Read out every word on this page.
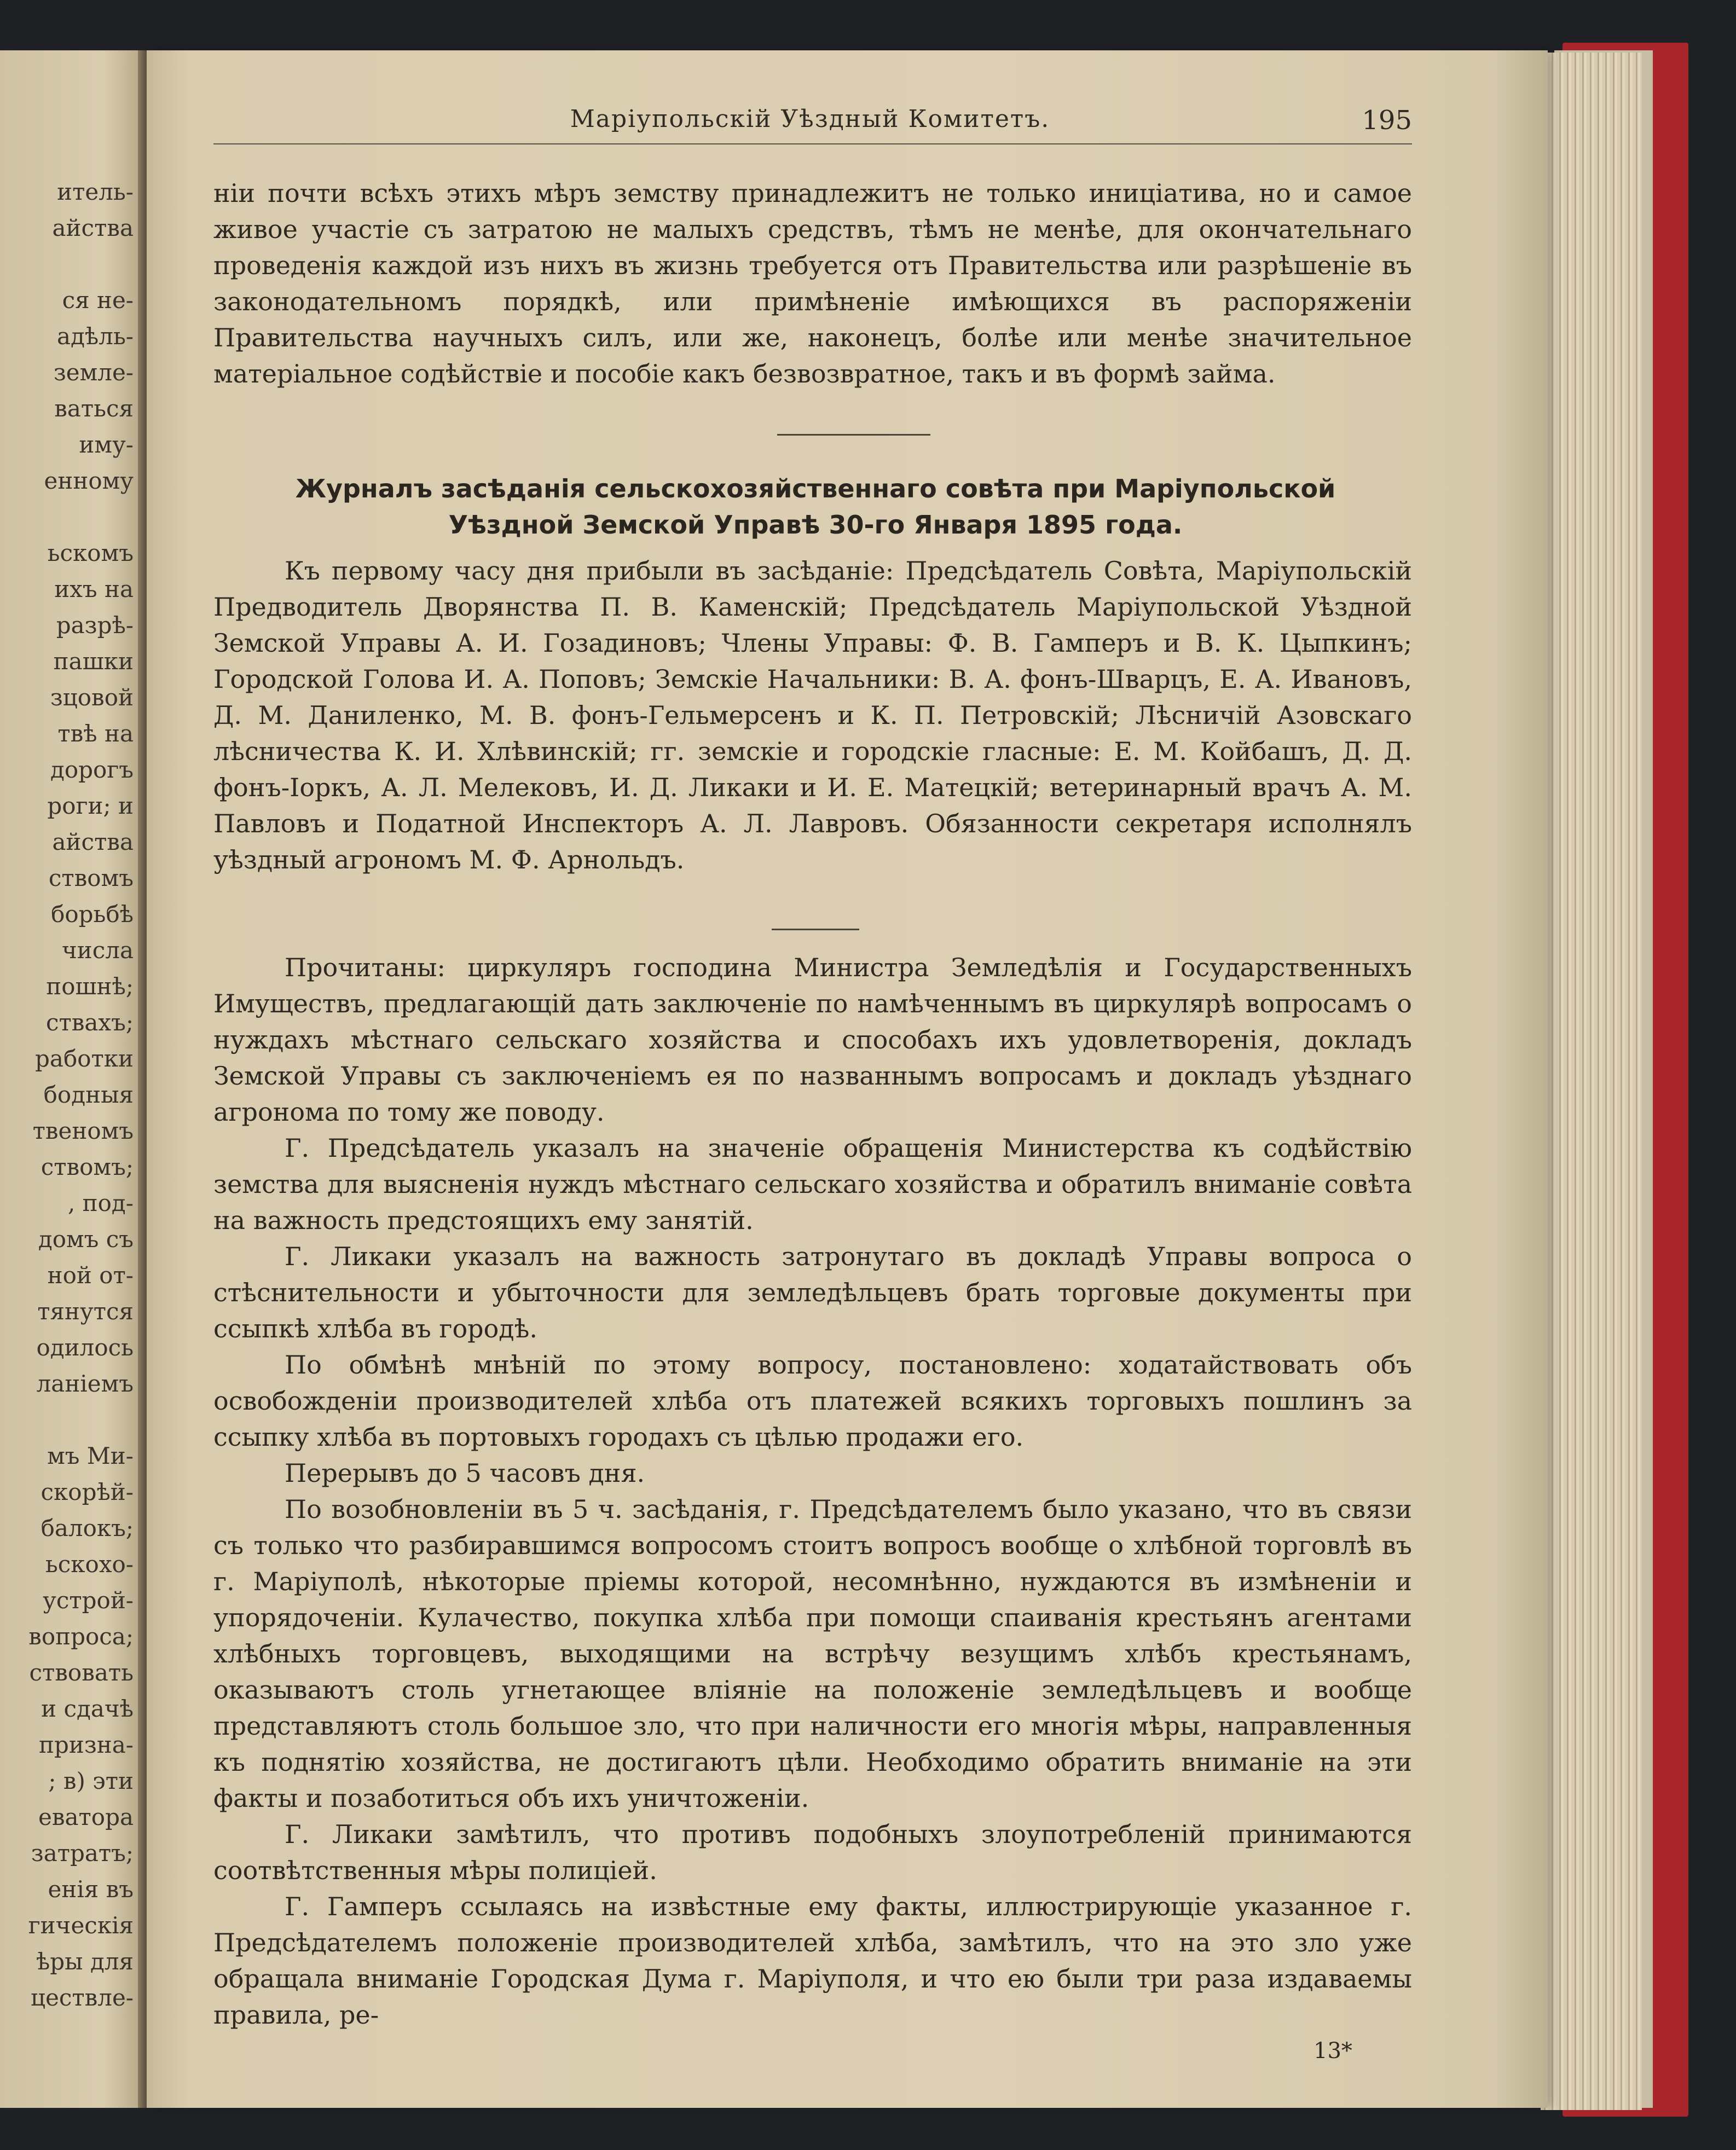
итель-
айства
ся не-
адѣль-
земле-
ваться
иму-
енному
ьскомъ
ихъ на
разрѣ-
пашки
зцовой
твѣ на
дорогъ
роги; и
айства
ствомъ
борьбѣ
числа
пошнѣ;
ствахъ;
работки
бодныя
твеномъ
ствомъ;
, под-
домъ съ
ной от-
тянутся
одилось
ланіемъ
мъ Ми-
скорѣй-
балокъ;
ьскохо-
устрой-
вопроса;
ствовать
и сдачѣ
призна-
; в) эти
еватора
затратъ;
енія въ
гическія
ѣры для
цествле-
Маріупольскій Уѣздный Комитетъ.	195

ніи почти всѣхъ этихъ мѣръ земству принадлежитъ не только иниціатива, но и самое живое участіе съ затратою не малыхъ средствъ, тѣмъ не менѣе, для окончательнаго проведенія каждой изъ нихъ въ жизнь требуется отъ Правительства или разрѣшеніе въ законодательномъ порядкѣ, или примѣненіе имѣющихся въ распоряженіи Правительства научныхъ силъ, или же, наконецъ, болѣе или менѣе значительное матеріальное содѣйствіе и пособіе какъ безвозвратное, такъ и въ формѣ займа.

Журналъ засѣданія сельскохозяйственнаго совѣта при Маріупольской Уѣздной Земской Управѣ 30-го Января 1895 года.

Къ первому часу дня прибыли въ засѣданіе: Предсѣдатель Совѣта, Маріупольскій Предводитель Дворянства П. В. Каменскій; Предсѣдатель Маріупольской Уѣздной Земской Управы А. И. Гозадиновъ; Члены Управы: Ф. В. Гамперъ и В. К. Цыпкинъ; Городской Голова И. А. Поповъ; Земскіе Начальники: В. А. фонъ-Шварцъ, Е. А. Ивановъ, Д. М. Даниленко, М. В. фонъ-Гельмерсенъ и К. П. Петровскій; Лѣсничій Азовскаго лѣсничества К. И. Хлѣвинскій; гг. земскіе и городскіе гласные: Е. М. Койбашъ, Д. Д. фонъ-Іоркъ, А. Л. Мелековъ, И. Д. Ликаки и И. Е. Матецкій; ветеринарный врачъ А. М. Павловъ и Податной Инспекторъ А. Л. Лавровъ. Обязанности секретаря исполнялъ уѣздный агрономъ М. Ф. Арнольдъ.

Прочитаны: циркуляръ господина Министра Земледѣлія и Государственныхъ Имуществъ, предлагающій дать заключеніе по намѣченнымъ въ циркулярѣ вопросамъ о нуждахъ мѣстнаго сельскаго хозяйства и способахъ ихъ удовлетворенія, докладъ Земской Управы съ заключеніемъ ея по названнымъ вопросамъ и докладъ уѣзднаго агронома по тому же поводу.

Г. Предсѣдатель указалъ на значеніе обращенія Министерства къ содѣйствію земства для выясненія нуждъ мѣстнаго сельскаго хозяйства и обратилъ вниманіе совѣта на важность предстоящихъ ему занятій.

Г. Ликаки указалъ на важность затронутаго въ докладѣ Управы вопроса о стѣснительности и убыточности для земледѣльцевъ брать торговые документы при ссыпкѣ хлѣба въ городѣ.

По обмѣнѣ мнѣній по этому вопросу, постановлено: ходатайствовать объ освобожденіи производителей хлѣба отъ платежей всякихъ торговыхъ пошлинъ за ссыпку хлѣба въ портовыхъ городахъ съ цѣлью продажи его.

Перерывъ до 5 часовъ дня.

По возобновленіи въ 5 ч. засѣданія, г. Предсѣдателемъ было указано, что въ связи съ только что разбиравшимся вопросомъ стоитъ вопросъ вообще о хлѣбной торговлѣ въ г. Маріуполѣ, нѣкоторые пріемы которой, несомнѣнно, нуждаются въ измѣненіи и упорядоченіи. Кулачество, покупка хлѣба при помощи спаиванія крестьянъ агентами хлѣбныхъ торговцевъ, выходящими на встрѣчу везущимъ хлѣбъ крестьянамъ, оказываютъ столь угнетающее вліяніе на положеніе земледѣльцевъ и вообще представляютъ столь большое зло, что при наличности его многія мѣры, направленныя къ поднятію хозяйства, не достигаютъ цѣли. Необходимо обратить вниманіе на эти факты и позаботиться объ ихъ уничтоженіи.

Г. Ликаки замѣтилъ, что противъ подобныхъ злоупотребленій принимаются соотвѣтственныя мѣры полиціей.

Г. Гамперъ ссылаясь на извѣстные ему факты, иллюстрирующіе указанное г. Предсѣдателемъ положеніе производителей хлѣба, замѣтилъ, что на это зло уже обращала вниманіе Городская Дума г. Маріуполя, и что ею были три раза издаваемы правила, ре-

13*
